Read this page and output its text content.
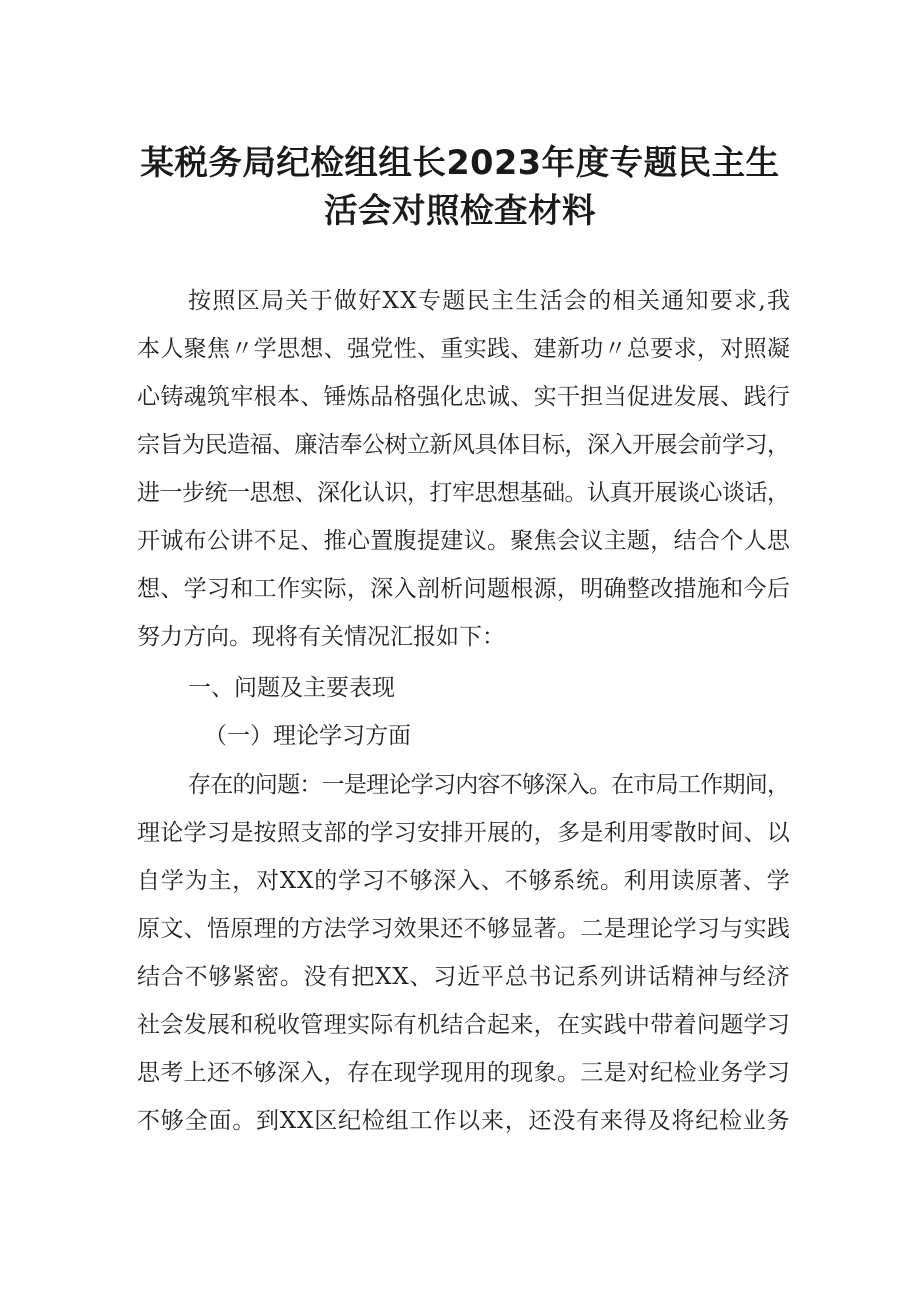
某税务局纪检组组长2023年度专题民主生
活会对照检查材料
按照区局关于做好XX专题民主生活会的相关通知要求,我
本人聚焦〃学思想、强党性、重实践、建新功〃总要求，对照凝
心铸魂筑牢根本、锤炼品格强化忠诚、实干担当促进发展、践行
宗旨为民造福、廉洁奉公树立新风具体目标，深入开展会前学习，
进一步统一思想、深化认识，打牢思想基础。认真开展谈心谈话，
开诚布公讲不足、推心置腹提建议。聚焦会议主题，结合个人思
想、学习和工作实际，深入剖析问题根源，明确整改措施和今后
努力方向。现将有关情况汇报如下：
一、问题及主要表现
（一）理论学习方面
存在的问题：一是理论学习内容不够深入。在市局工作期间，
理论学习是按照支部的学习安排开展的，多是利用零散时间、以
自学为主，对XX的学习不够深入、不够系统。利用读原著、学
原文、悟原理的方法学习效果还不够显著。二是理论学习与实践
结合不够紧密。没有把XX、习近平总书记系列讲话精神与经济
社会发展和税收管理实际有机结合起来，在实践中带着问题学习
思考上还不够深入，存在现学现用的现象。三是对纪检业务学习
不够全面。到XX区纪检组工作以来，还没有来得及将纪检业务
